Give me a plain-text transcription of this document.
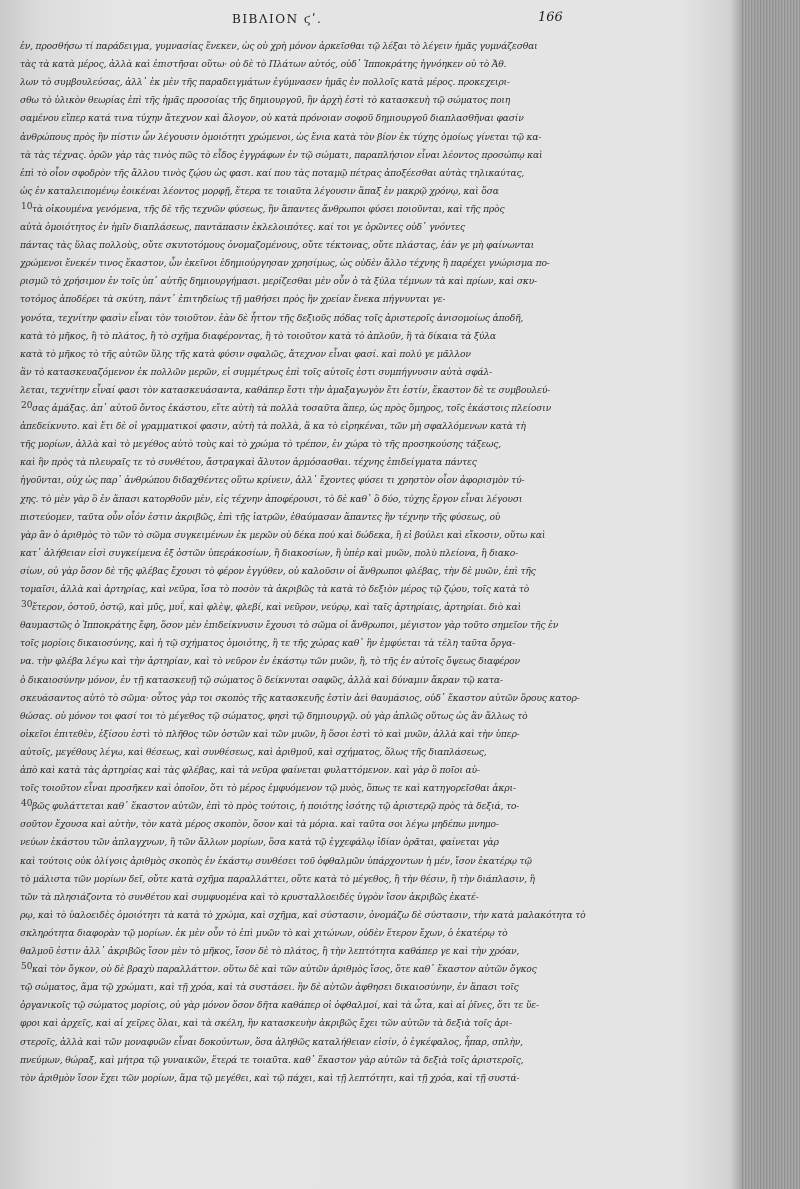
ΒΙΒΛΙΟΝ ϛʹ.	166
ἐν, προσθήσω τί παράδειγμα, γυμνασίας ἕνεκεν, ὡς οὐ χρὴ μόνον ἀρκεῖσθαι τῷ λέξαι τὸ λέγειν ἡμᾶς γυμνάζεσθαι
τὰς τὰ κατὰ μέρος, ἀλλὰ καὶ ἐπιστῆσαι οὕτω· οὐ δὲ τὸ Πλάτων αὐτός, οὐδ᾽ Ἱπποκράτης ἠγνόηκεν οὐ τὸ Ἀθ.
λων τὸ συμβουλεύσας, ἀλλ᾽ ἐκ μὲν τῆς παραδειγμάτων ἐγύμνασεν ἡμᾶς ἐν πολλοῖς κατὰ μέρος. προκεχειρι-
σθω τὸ ὑλικὸν θεωρίας ἐπὶ τῆς ἡμᾶς προσοίας τῆς δημιουργοῦ, ἣν ἀρχὴ ἐστὶ τὸ κατασκευὴ τῷ σώματος ποιη
σαμένου εἴπερ κατά τινα τύχην ἄτεχνον καὶ ἄλογον, οὐ κατὰ πρόνοιαν σοφοῦ δημιουργοῦ διαπλασθῆναι φασίν
ἀνθρώπους πρὸς ἣν πίστιν ὧν λέγουσιν ὁμοιότητι χρώμενοι, ὡς ἔνια κατὰ τὸν βίον ἐκ τύχης ὁμοίως γίνεται τῷ κα-
τὰ τὰς τέχνας. ὁρῶν γὰρ τὰς τινὸς πῶς τὸ εἶδος ἐγγράφων ἐν τῷ σώματι, παραπλήσιον εἶναι λέοντος προσώπῳ καὶ
ἐπὶ τὸ οἷον σφοδρὸν τῆς ἄλλου τινὸς ζῴου ὡς φασι. καί που τὰς ποταμῷ πέτρας ἀποξέεσθαι αὐτὰς τηλικαύτας,
ὡς ἐν καταλειπομένῳ ἐοικέναι λέοντος μορφῇ, ἕτερα τε τοιαῦτα λέγουσιν ἅπαξ ἐν μακρῷ χρόνῳ, καὶ ὅσα
τὰ οἰκουμένα γενόμενα, τῆς δὲ τῆς τεχνῶν φύσεως, ἣν ἅπαντες ἄνθρωποι φύσει ποιοῦνται, καὶ τῆς πρὸς
10
αὐτὰ ὁμοιότητος ἐν ἡμῖν διαπλάσεως, παντάπασιν ἐκλελοιπότες. καί τοι γε ὁρῶντες οὐδ᾽ γνόντες
πάντας τὰς ὕλας πολλοὺς, οὔτε σκυτοτόμους ὀνομαζομένους, οὔτε τέκτονας, οὔτε πλάστας, ἐάν γε μὴ φαίνωνται
χρώμενοι ἕνεκέν τινος ἕκαστον, ὧν ἐκεῖνοι ἐδημιούργησαν χρησίμως, ὡς οὐδὲν ἄλλο τέχνης ἢ παρέχει γνώρισμα πο-
ρισμῶ τὸ χρήσιμον ἐν τοῖς ὑπ᾽ αὐτῆς δημιουργήμασι. μερίζεσθαι μὲν οὖν ὁ τὰ ξύλα τέμνων τὰ καὶ πρίων, καὶ σκυ-
τοτόμος ἀποδέρει τὰ σκύτη, πάντ᾽ ἐπιτηδείως τῇ μαθήσει πρὸς ἣν χρείαν ἕνεκα πήγνυνται γε-
γονότα, τεχνίτην φασὶν εἶναι τὸν τοιοῦτον. ἐὰν δὲ ἧττον τῆς δεξιοῦς πόδας τοῖς ἀριστεροῖς ἀνισομοίως ἀποδῆ,
κατὰ τὸ μῆκος, ἢ τὸ πλάτος, ἢ τὸ σχῆμα διαφέροντας, ἢ τὸ τοιοῦτον κατὰ τὸ ἀπλοῦν, ἢ τὰ δίκαια τὰ ξύλα
κατὰ τὸ μῆκος τὸ τῆς αὐτῶν ὕλης τῆς κατὰ φύσιν σφαλῶς, ἄτεχνον εἶναι φασί. καὶ πολύ γε μᾶλλον
ἂν τὸ κατασκευαζόμενον ἐκ πολλῶν μερῶν, εἰ συμμέτρως ἐπὶ τοῖς αὐτοῖς ἐστι συμπήγνυσιν αὐτὰ σφάλ-
λεται, τεχνίτην εἶναί φασι τὸν κατασκευάσαντα, καθάπερ ἔστι τὴν ἁμαξαγωγὸν ἔτι ἐστίν, ἕκαστον δὲ τε συμβουλεύ-
σας ἀμάξας. ἀπ᾽ αὐτοῦ ὄντος ἑκάστου, εἴτε αὐτὴ τὰ πολλὰ τοσαῦτα ἅπερ, ὡς πρὸς ὅμηρος, τοῖς ἑκάστοις πλείοσιν
20
ἀπεδείκνυτο. καὶ ἔτι δὲ οἱ γραμματικοί φασιν, αὐτὴ τὰ πολλὰ, ἅ κα τὸ εἰρηκέναι, τῶν μὴ σφαλλόμενων κατὰ τὴ
τῆς μορίων, ἀλλὰ καὶ τὸ μεγέθος αὐτὸ τοὺς καὶ τὸ χρώμα τὸ τρέπον, ἐν χώρα τὸ τῆς προσηκούσης τάξεως,
καὶ ἣν πρὸς τὰ πλευραῖς τε τὸ συνθέτου, ἄστραγκαὶ ἄλυτον ἁρμόσασθαι. τέχνης ἐπιδείγματα πάντες
ἡγοῦνται, οὐχ ὡς παρ᾽ ἀνθρώπου διδαχθέντες οὕτω κρίνειν, ἀλλ᾽ ἔχοντες φύσει τι χρηστὸν οἷον ἀφορισμὸν τύ-
χης. τὸ μὲν γὰρ ὃ ἐν ἅπασι κατορθοῦν μὲν, εἰς τέχνην ἀποφέρουσι, τὸ δὲ καθ᾽ ὃ δύο, τύχης ἔργον εἶναι λέγουσι
πιστεύομεν, ταῦτα οὖν οἷόν ἐστιν ἀκριβῶς, ἐπὶ τῆς ἰατρῶν, ἐθαύμασαν ἅπαντες ἣν τέχνην τῆς φύσεως, οὐ
γὰρ ἂν ὁ ἀριθμὸς τὸ τῶν τὸ σῶμα συγκειμένων ἐκ μερῶν οὐ δέκα πού καὶ δώδεκα, ἢ εἰ βούλει καὶ εἴκοσιν, οὕτω καὶ
κατ᾽ ἀλήθειαν εἰσὶ συγκείμενα ἐξ ὀστῶν ὑπεράκοσίων, ἢ διακοσίων, ἢ ὑπὲρ καὶ μυῶν, πολὺ πλείονα, ἢ διακο-
σίων, οὐ γὰρ ὅσον δὲ τῆς φλέβας ἔχουσι τὸ φέρον ἐγγύθεν, οὐ καλοῦσιν οἱ ἄνθρωποι φλέβας, τὴν δὲ μυῶν, ἐπὶ τῆς
τομαῖσι, ἀλλὰ καὶ ἀρτηρίας, καὶ νεῦρα, ἴσα τὸ ποσὸν τὰ ἀκριβῶς τὰ κατὰ τὸ δεξιὸν μέρος τῷ ζῴου, τοῖς κατὰ τὸ
ἕτερον, ὀστοῦ, ὀστῷ, καὶ μῦς, μυΐ, καὶ φλὲψ, φλεβί, καὶ νεῦρον, νεύρῳ, καὶ ταῖς ἀρτηρίαις, ἀρτηρίαι. διὸ καὶ
30
θαυμαστῶς ὁ Ἱπποκράτης ἔφη, ὅσον μὲν ἐπιδείκνυσιν ἔχουσι τὸ σῶμα οἱ ἄνθρωποι, μέγιστον γὰρ τοῦτο σημεῖον τῆς ἐν
τοῖς μορίοις δικαιοσύνης, καὶ ἡ τῷ σχήματος ὁμοιότης, ἣ τε τῆς χώρας καθ᾽ ἣν ἐμφύεται τὰ τέλη ταῦτα ὄργα-
να. τὴν φλέβα λέγω καὶ τὴν ἀρτηρίαν, καὶ τὸ νεῦρον ἐν ἑκάστῳ τῶν μυῶν, ἢ, τὸ τῆς ἐν αὐτοῖς ὄψεως διαφέρον
ὁ δικαιοσύνην μόνον, ἐν τῇ κατασκευῇ τῷ σώματος ὃ δείκνυται σαφῶς, ἀλλὰ καὶ δύναμιν ἄκραν τῷ κατα-
σκευάσαντος αὐτὸ τὸ σῶμα· οὗτος γὰρ τοι σκοπὸς τῆς κατασκευῆς ἐστὶν ἀεὶ θαυμάσιος, οὐδ᾽ ἕκαστον αὐτῶν ὅρους κατορ-
θώσας. οὐ μόνον τοι φασί τοι τὸ μέγεθος τῷ σώματος, φησὶ τῷ δημιουργῷ. οὐ γὰρ ἁπλῶς οὕτως ὡς ἂν ἄλλως τὸ
οἰκεῖοι ἐπιτεθὲν, ἐξίσου ἐστὶ τὸ πλῆθος τῶν ὀστῶν καὶ τῶν μυῶν, ἢ ὅσοι ἐστὶ τὸ καὶ μυῶν, ἀλλὰ καὶ τὴν ὑπερ-
αὐτοῖς, μεγέθους λέγω, καὶ θέσεως, καὶ συνθέσεως, καὶ ἀριθμοῦ, καὶ σχήματος, ὅλως τῆς διαπλάσεως,
ἀπὸ καὶ κατὰ τὰς ἀρτηρίας καὶ τὰς φλέβας, καὶ τὰ νεῦρα φαίνεται φυλαττόμενον. καὶ γὰρ ὃ ποῖοι αὐ-
τοῖς τοιοῦτον εἶναι προσῆκεν καὶ ὁποῖον, ὅτι τὸ μέρος ἐμφυόμενον τῷ μυὸς, ὅπως τε καὶ κατηγορεῖσθαι ἀκρι-
βῶς φυλάττεται καθ᾽ ἕκαστον αὐτῶν, ἐπὶ τὸ πρὸς τούτοις, ἡ ποιότης ἰσότης τῷ ἀριστερῷ πρὸς τὰ δεξιά, το-
40
σοῦτον ἔχουσα καὶ αὐτὴν, τὸν κατὰ μέρος σκοπὸν, ὅσον καὶ τὰ μόρια. καὶ ταῦτα σοι λέγω μηδέπω μνημο-
νεύων ἑκάστου τῶν ἀπλαγχνων, ἢ τῶν ἄλλων μορίων, ὅσα κατὰ τῷ ἐγχεφάλῳ ἰδίαν ὁρᾶται, φαίνεται γὰρ
καὶ τούτοις οὐκ ὀλίγοις ἀριθμὸς σκοπὸς ἐν ἑκάστῳ συνθέσει τοῦ ὀφθαλμῶν ὑπάρχοντων ἡ μέν, ἴσον ἐκατέρῳ τῷ
τὸ μάλιστα τῶν μορίων δεῖ, οὔτε κατὰ σχῆμα παραλλάττει, οὔτε κατὰ τὸ μέγεθος, ἢ τὴν θέσιν, ἢ τὴν διάπλασιν, ἢ
τῶν τὰ πλησιάζοντα τὸ συνθέτου καὶ συμφυομένα καὶ τὸ κρυσταλλοειδές ὑγρὸν ἴσον ἀκριβῶς ἑκατέ-
ρῳ, καὶ τὸ ὑαλοειδὲς ὁμοιότητι τὰ κατὰ τὸ χρώμα, καὶ σχῆμα, καὶ σύστασιν, ὀνομάζω δὲ σύστασιν, τὴν κατὰ μαλακότητα τὸ
σκληρότητα διαφορὰν τῷ μορίων. ἐκ μὲν οὖν τὸ ἐπὶ μυῶν τὸ καὶ χιτώνων, οὐδὲν ἕτερον ἔχων, ὁ ἑκατέρῳ τὸ
θαλμοῦ ἐστιν ἀλλ᾽ ἀκριβῶς ἴσον μὲν τὸ μῆκος, ἴσον δὲ τὸ πλάτος, ἢ τὴν λεπτότητα καθάπερ γε καὶ τὴν χρόαν,
καὶ τὸν ὄγκον, οὐ δὲ βραχὺ παραλλάττον. οὕτω δὲ καὶ τῶν αὐτῶν ἀριθμὸς ἴσος, ὅτε καθ᾽ ἕκαστον αὐτῶν ὄγκος
50
τῷ σώματος, ἅμα τῷ χρώματι, καὶ τῇ χρόα, καὶ τὰ συστάσει. ἣν δὲ αὐτῶν ἀφθησει δικαιοσύνην, ἐν ἅπασι τοῖς
ὀργανικοῖς τῷ σώματος μορίοις, οὐ γὰρ μόνον ὅσον δῆτα καθάπερ οἱ ὀφθαλμοί, καὶ τὰ ὦτα, καὶ αἱ ῥῖνες, ὅτι τε ὕε-
φροι καὶ ἀρχεῖς, καὶ αἱ χεῖρες ὅλαι, καὶ τὰ σκέλη, ἣν κατασκευὴν ἀκριβῶς ἔχει τῶν αὐτῶν τὰ δεξιὰ τοῖς ἀρι-
στεροῖς, ἀλλὰ καὶ τῶν μοναφυῶν εἶναι δοκούντων, ὅσα ἀληθῶς καταλήθειαν εἰσίν, ὁ ἐγκέφαλος, ἧπαρ, σπλὴν,
πνεύμων, θώραξ, καὶ μήτρα τῷ γυναικῶν, ἕτερά τε τοιαῦτα. καθ᾽ ἕκαστον γὰρ αὐτῶν τὰ δεξιὰ τοῖς ἀριστεροῖς,
τὸν ἀριθμὸν ἴσον ἔχει τῶν μορίων, ἅμα τῷ μεγέθει, καὶ τῷ πάχει, καὶ τῇ λεπτότητι, καὶ τῇ χρόα, καὶ τῇ συστά-
